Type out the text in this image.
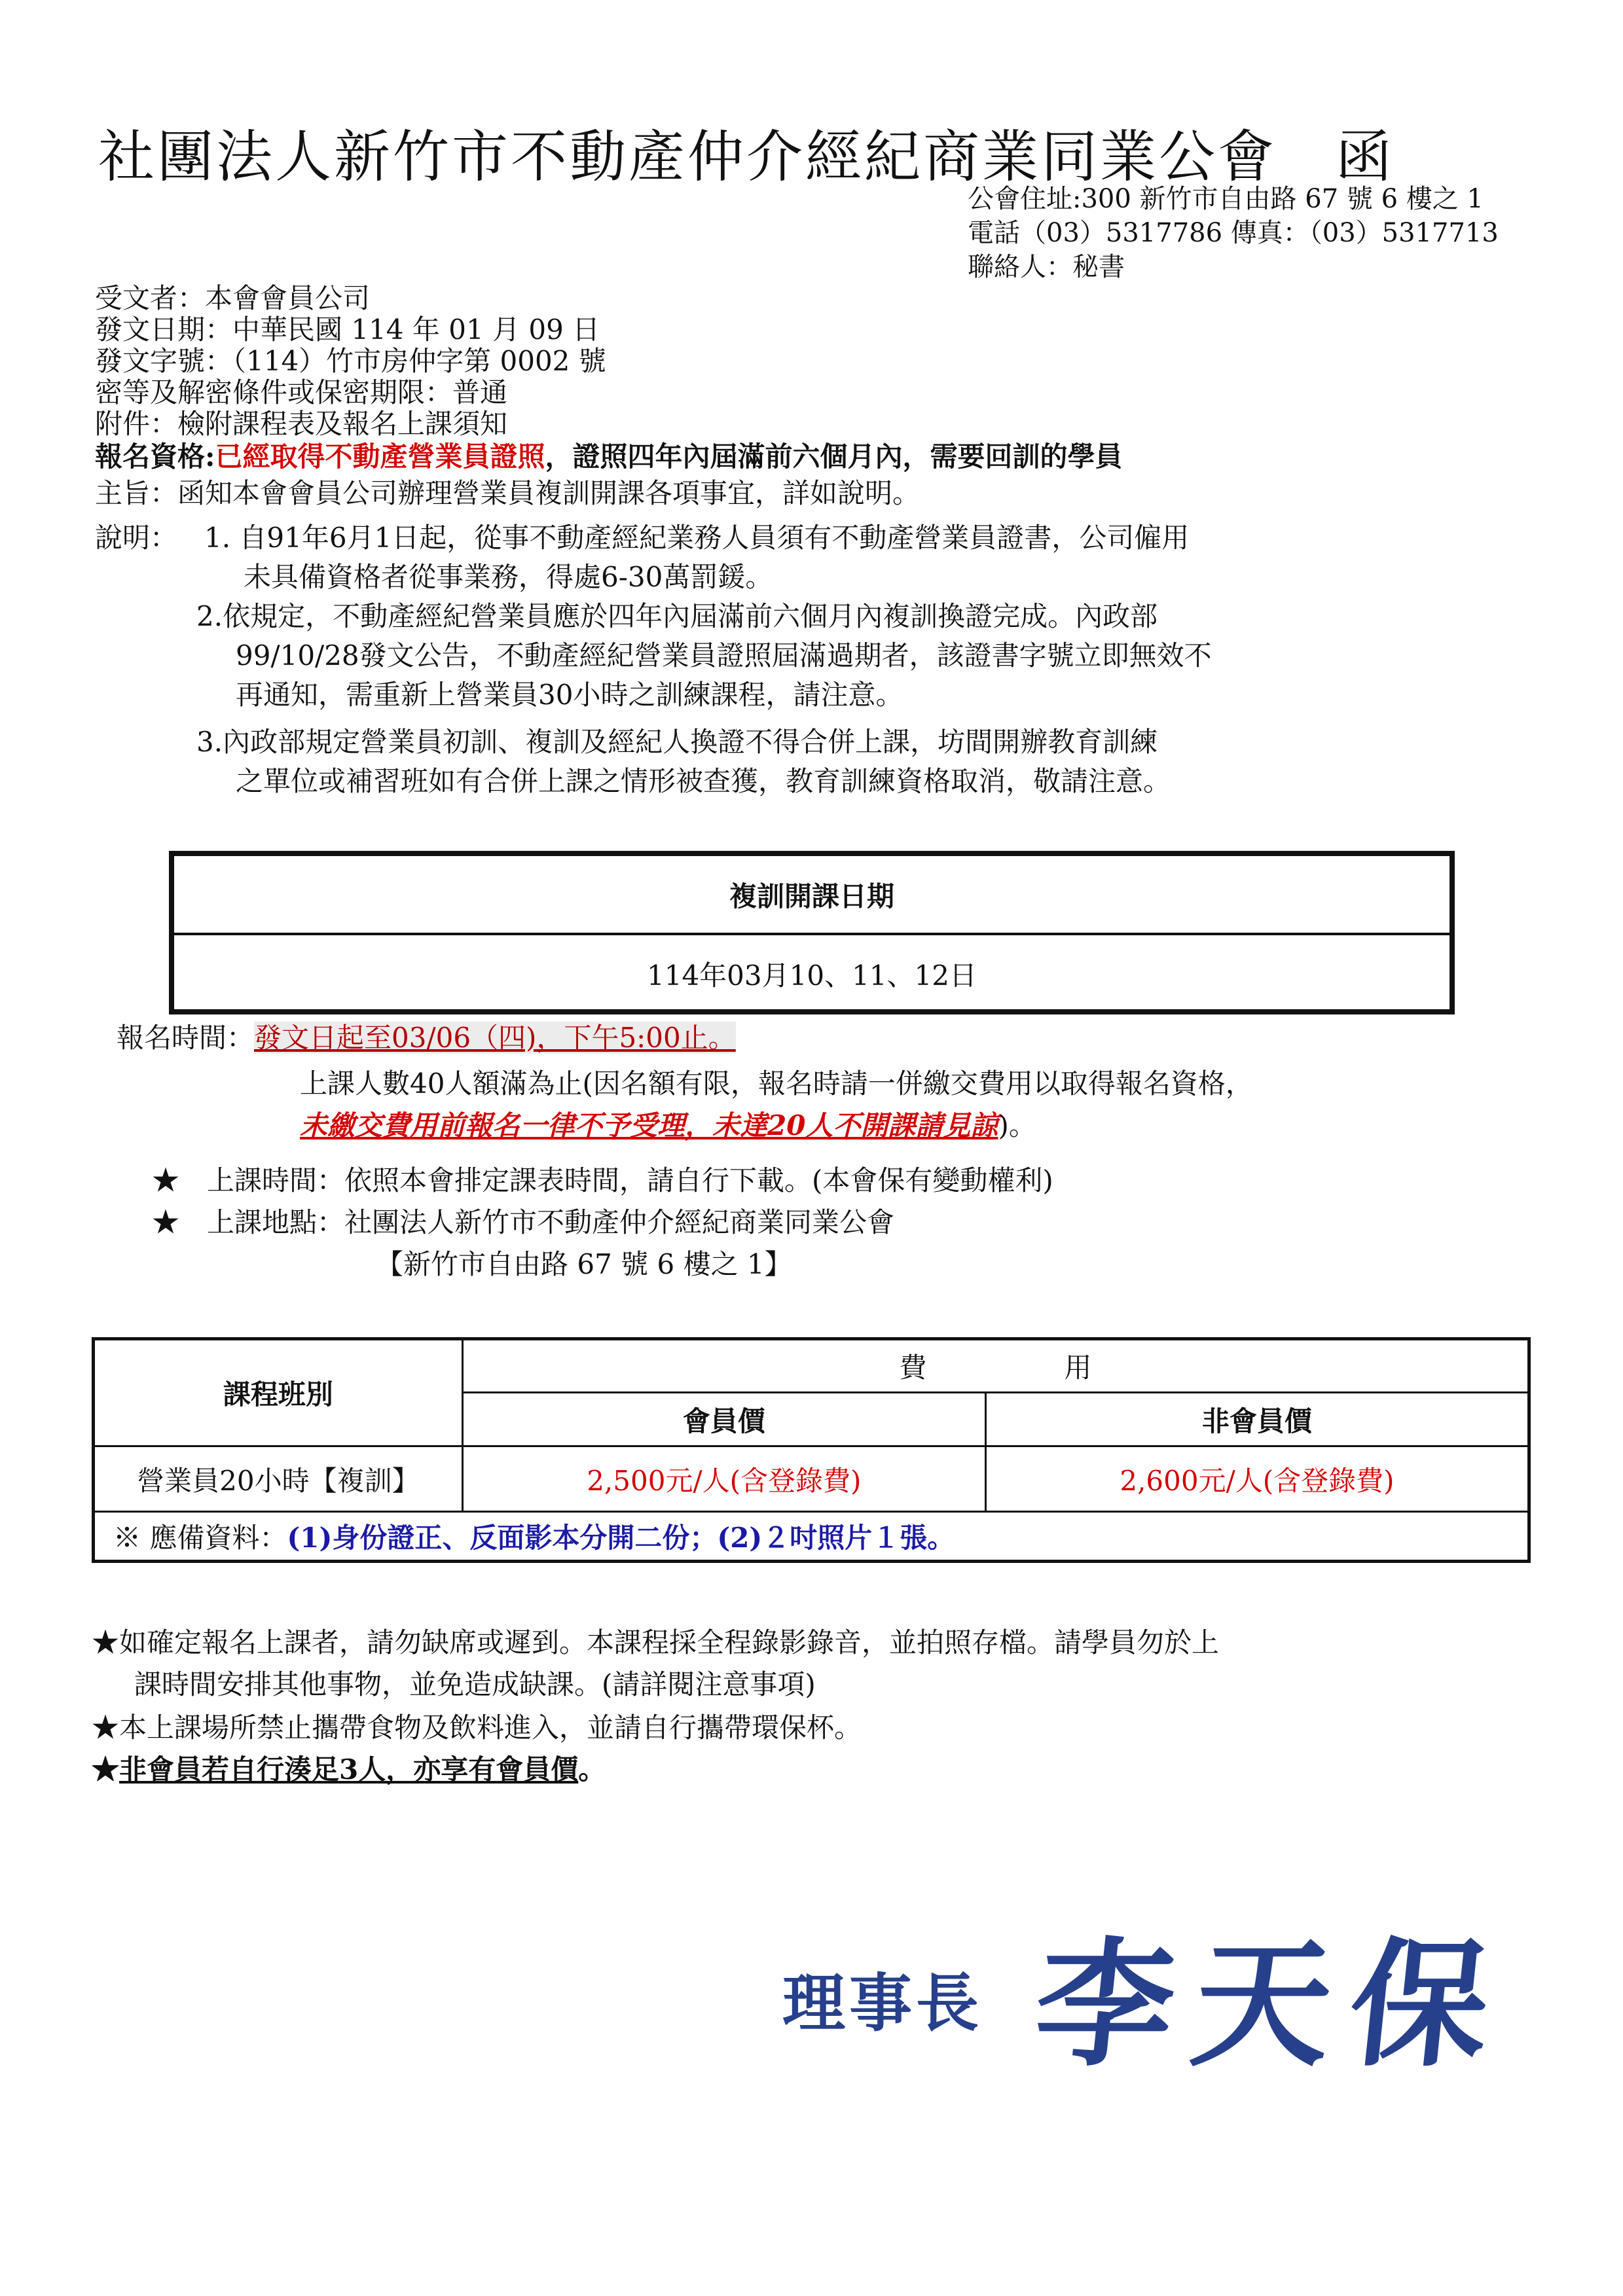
社團法人新竹市不動產仲介經紀商業同業公會　函
公會住址:300 新竹市自由路 67 號 6 樓之 1
電話（03）5317786 傳真：（03）5317713
聯絡人：秘書
受文者：本會會員公司
發文日期：中華民國 114 年 01 月 09 日
發文字號：（114）竹市房仲字第 0002 號
密等及解密條件或保密期限：普通
附件：檢附課程表及報名上課須知
報名資格:已經取得不動產營業員證照，證照四年內屆滿前六個月內，需要回訓的學員
主旨：函知本會會員公司辦理營業員複訓開課各項事宜，詳如說明。
說明： 1. 自91年6月1日起，從事不動產經紀業務人員須有不動產營業員證書，公司僱用
未具備資格者從事業務，得處6-30萬罰鍰。
2.依規定，不動產經紀營業員應於四年內屆滿前六個月內複訓換證完成。內政部
99/10/28發文公告，不動產經紀營業員證照屆滿過期者，該證書字號立即無效不
再通知，需重新上營業員30小時之訓練課程，請注意。
3.內政部規定營業員初訓、複訓及經紀人換證不得合併上課，坊間開辦教育訓練
之單位或補習班如有合併上課之情形被查獲，教育訓練資格取消，敬請注意。
複訓開課日期
114年03月10、11、12日
報名時間：發文日起至03/06（四)，下午5:00止。
上課人數40人額滿為止(因名額有限，報名時請一併繳交費用以取得報名資格，
未繳交費用前報名一律不予受理，未達20人不開課請見諒)。
★　上課時間：依照本會排定課表時間，請自行下載。(本會保有變動權利)
★　上課地點：社團法人新竹市不動產仲介經紀商業同業公會
【新竹市自由路 67 號 6 樓之 1】
課程班別	費　　　　　用	
	會員價	非會員價
營業員20小時【複訓】	2,500元/人(含登錄費)	2,600元/人(含登錄費)
※ 應備資料：(1)身份證正、反面影本分開二份；(2)２吋照片１張。		
★如確定報名上課者，請勿缺席或遲到。本課程採全程錄影錄音，並拍照存檔。請學員勿於上
課時間安排其他事物，並免造成缺課。(請詳閱注意事項)
★本上課場所禁止攜帶食物及飲料進入，並請自行攜帶環保杯。
★非會員若自行湊足3人，亦享有會員價。
理事長 李天保
